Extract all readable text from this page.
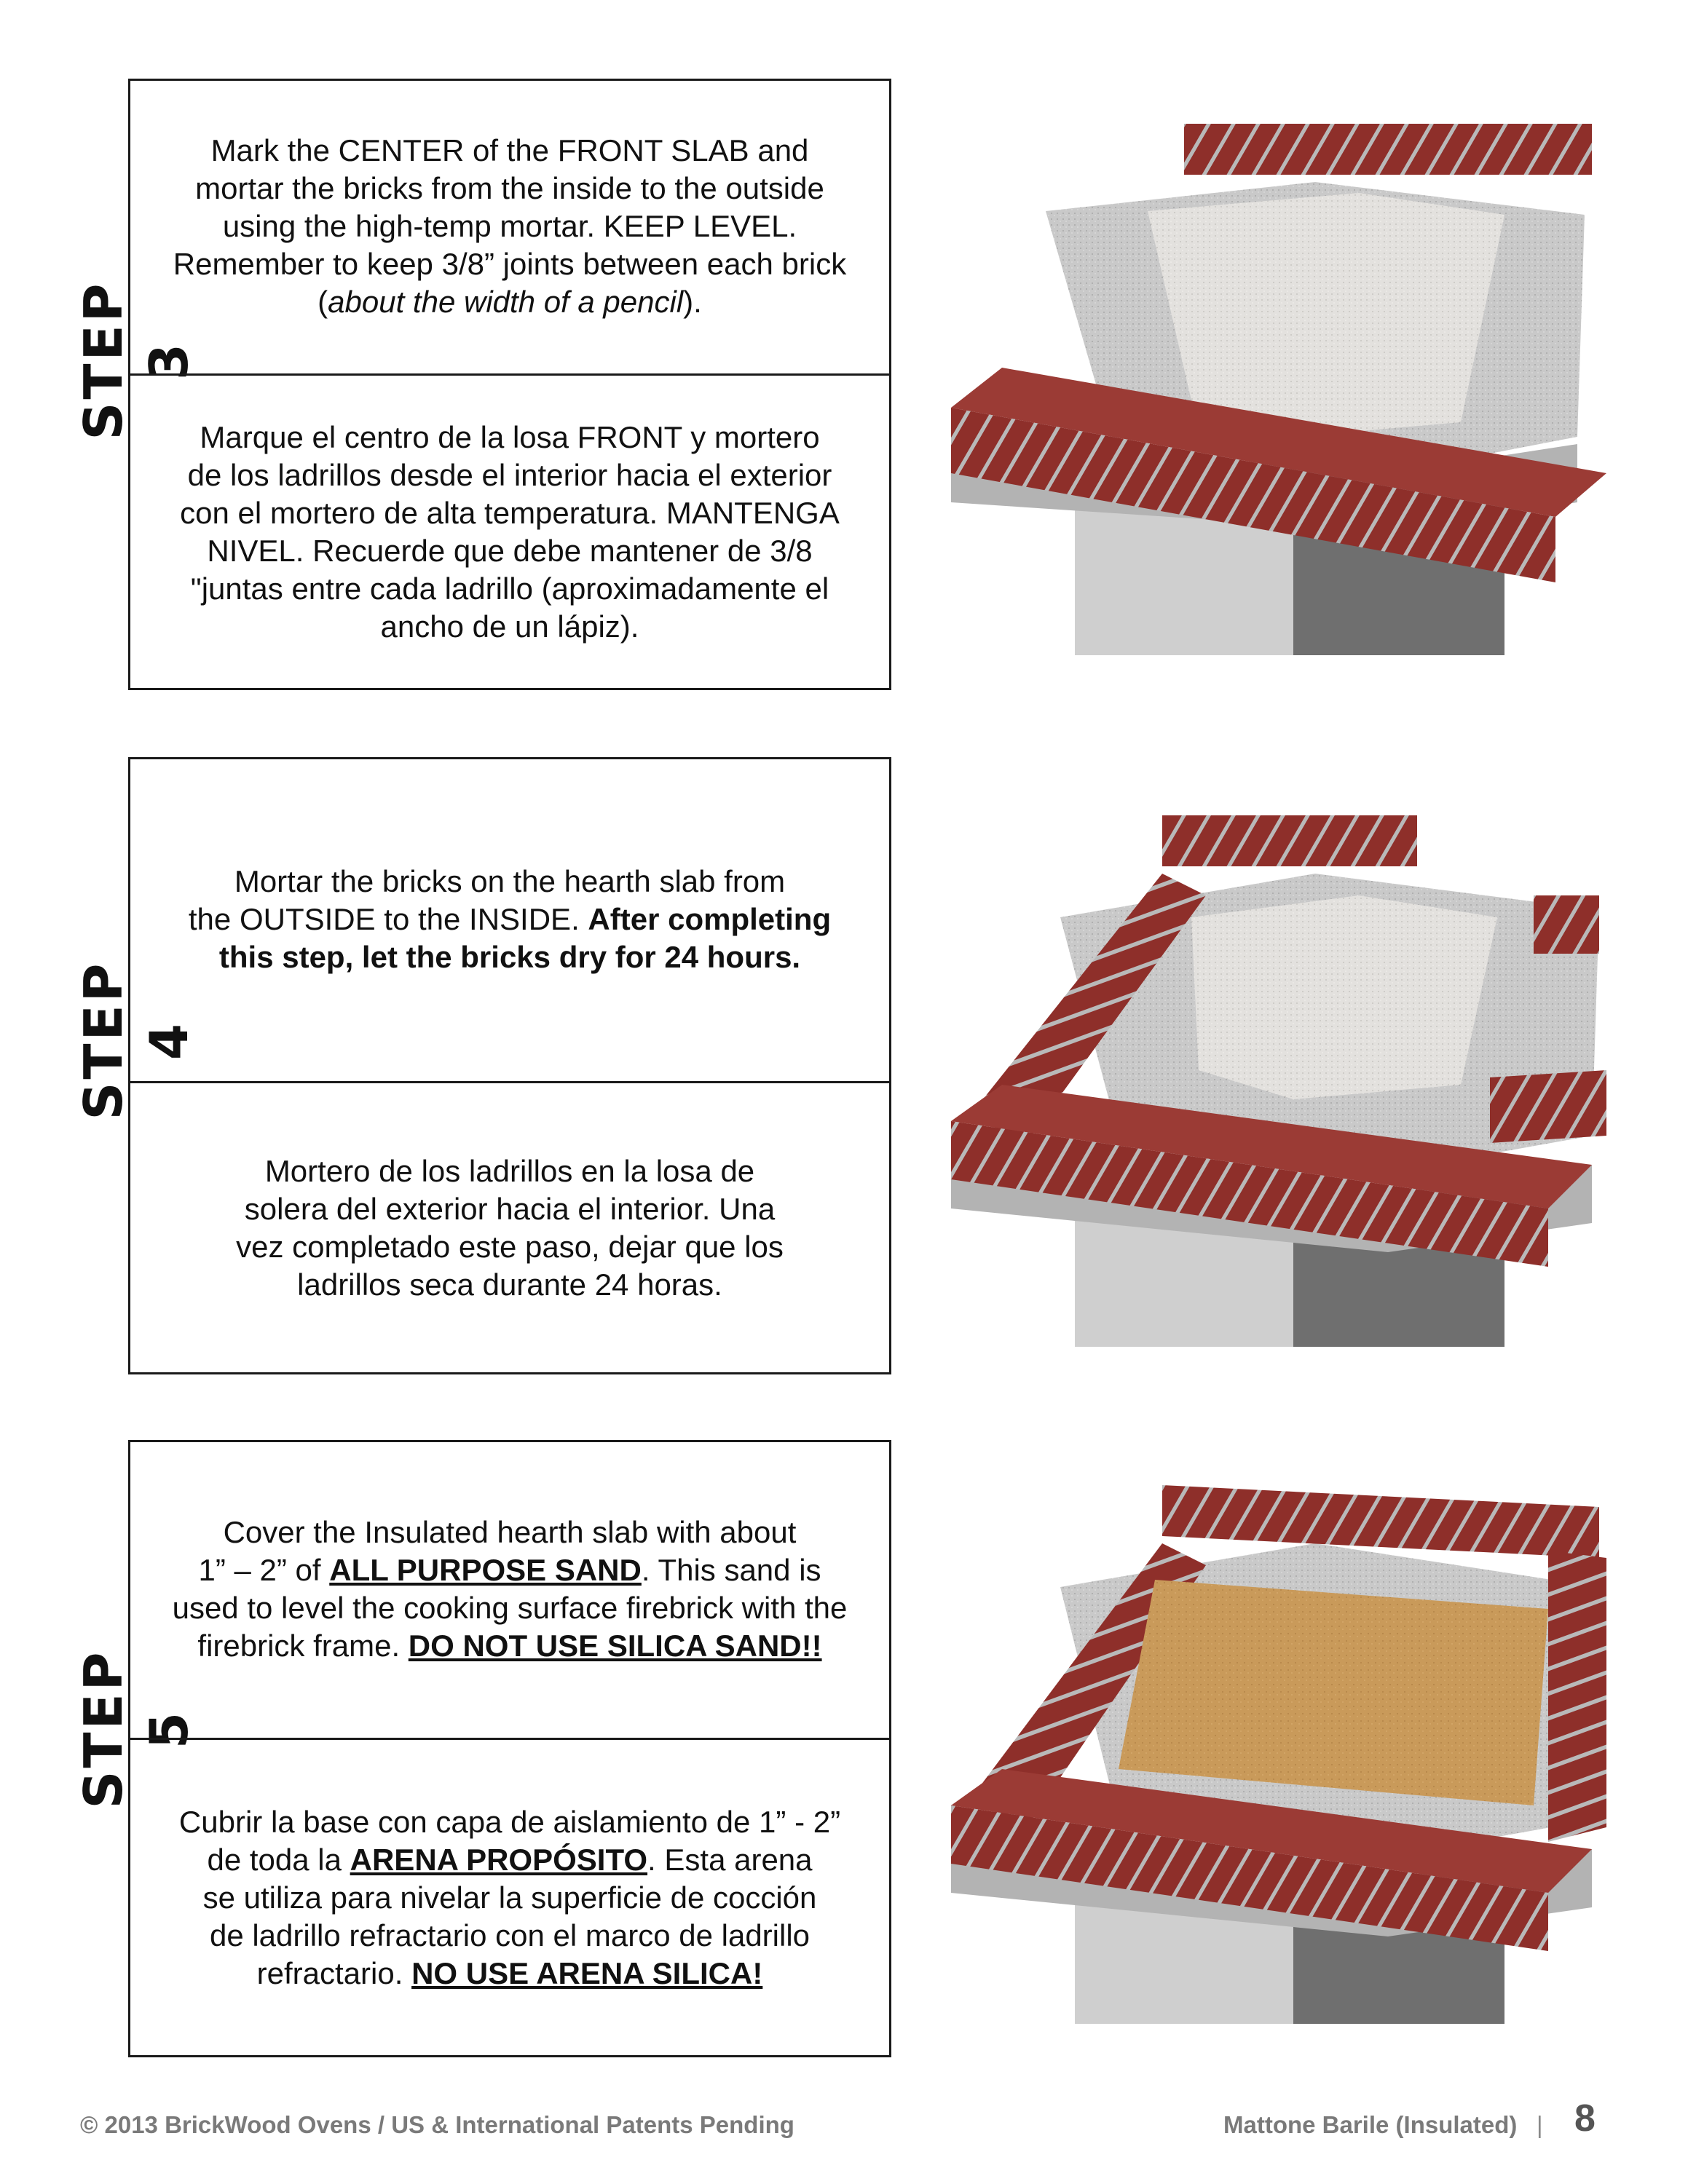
STEP 3
Mark the CENTER of the FRONT SLAB and
mortar the bricks from the inside to the outside
using the high-temp mortar. KEEP LEVEL.
Remember to keep 3/8” joints between each brick
(about the width of a pencil).
Marque el centro de la losa FRONT y mortero
de los ladrillos desde el interior hacia el exterior
con el mortero de alta temperatura. MANTENGA
NIVEL. Recuerde que debe mantener de 3/8
"juntas entre cada ladrillo (aproximadamente el
ancho de un lápiz).
STEP 4
Mortar the bricks on the hearth slab from
the OUTSIDE to the INSIDE. After completing
this step, let the bricks dry for 24 hours.
Mortero de los ladrillos en la losa de
solera del exterior hacia el interior. Una
vez completado este paso, dejar que los
ladrillos seca durante 24 horas.
STEP 5
Cover the Insulated hearth slab with about
1” – 2” of ALL PURPOSE SAND. This sand is
used to level the cooking surface firebrick with the
firebrick frame. DO NOT USE SILICA SAND!!
Cubrir la base con capa de aislamiento de 1” - 2”
de toda la ARENA PROPÓSITO. Esta arena
se utiliza para nivelar la superficie de cocción
de ladrillo refractario con el marco de ladrillo
refractario. NO USE ARENA SILICA!
© 2013 BrickWood Ovens / US & International Patents Pending	Mattone Barile (Insulated) | 8
